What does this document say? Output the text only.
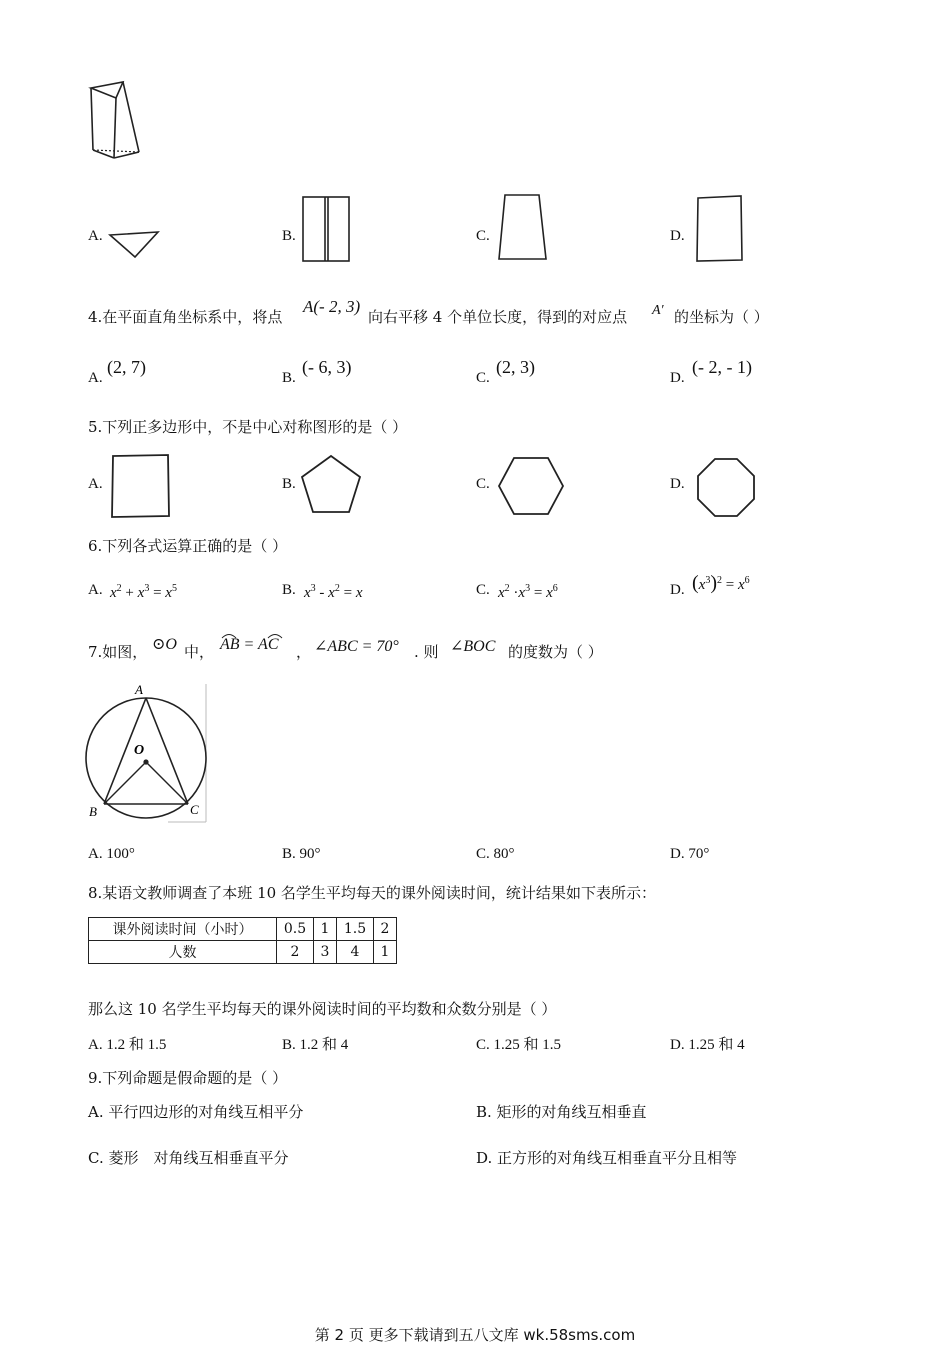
A.	B.	C.	D.
4.在平面直角坐标系中，将点
A(- 2, 3)
向右平移 4 个单位长度，得到的对应点 A′ 的坐标为（ ）
A.
(2, 7)
B.
(- 6, 3)
C.
(2, 3)
D.
(- 2, - 1)
5.下列正多边形中，不是中心对称图形的是（ ）
A.	B.	C.	D.
6.下列各式运算正确的是（ ）
A. $x^2 + x^3 = x^5$	B. $x^3 - x^2 = x$	C. $x^2 \cdot x^3 = x^6$	D. $(x^3)^2 = x^6$
7.如图， ⊙O 中， AB = AC ， ∠ABC = 70° . 则 ∠BOC 的度数为（ ）
A
O
B	C
A. 100°	B. 90°	C. 80°	D. 70°
8.某语文教师调查了本班 10 名学生平均每天的课外阅读时间，统计结果如下表所示：
课外阅读时间（小时）	0.5	1	1.5	2
人数	2	3	4	1
那么这 10 名学生平均每天的课外阅读时间的平均数和众数分别是（ ）
A. 1.2 和 1.5	B. 1.2 和 4	C. 1.25 和 1.5	D. 1.25 和 4
9.下列命题是假命题的是（ ）
A. 平行四边形的对角线互相平分	B. 矩形的对角线互相垂直
C. 菱形　对角线互相垂直平分	D. 正方形的对角线互相垂直平分且相等
第 2 页 更多下载请到五八文库 wk.58sms.com
